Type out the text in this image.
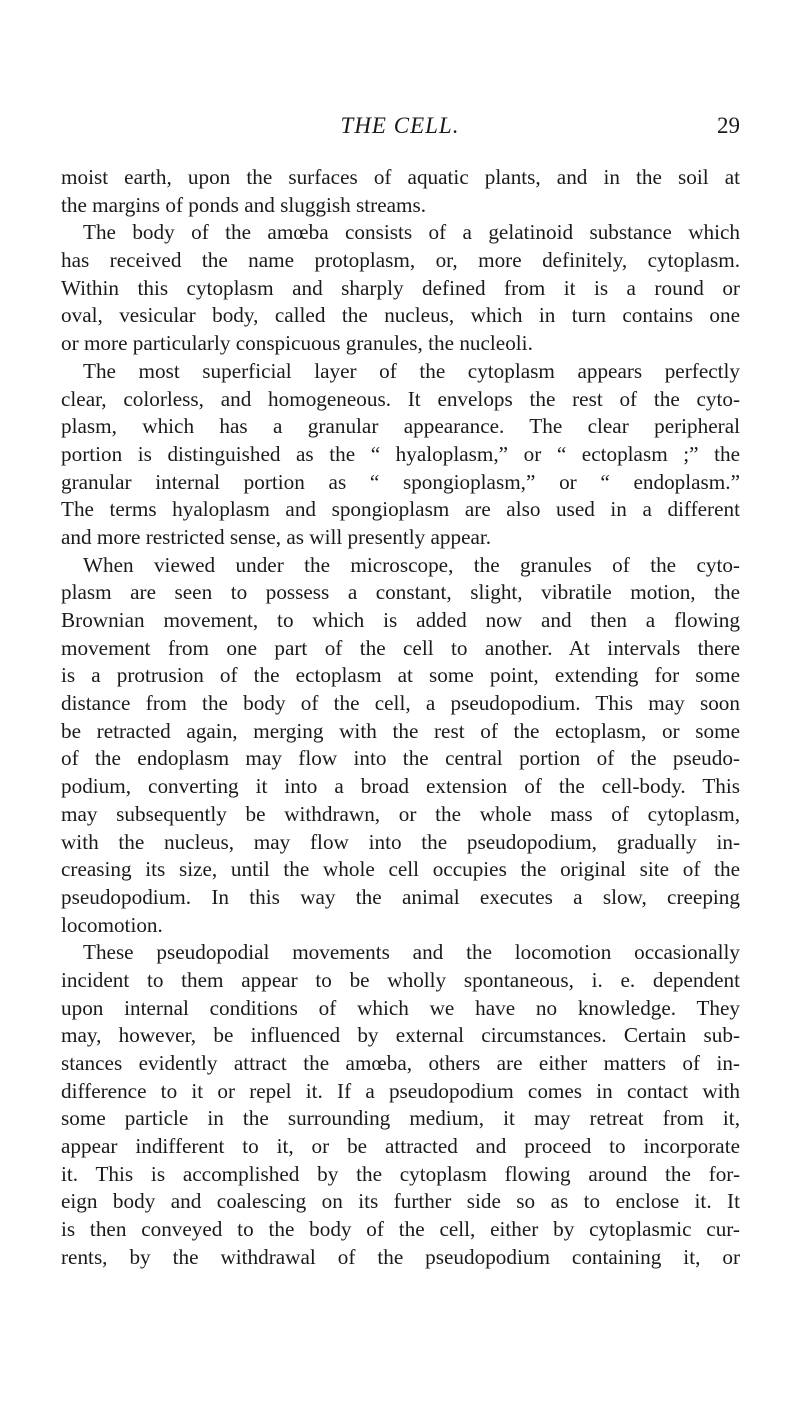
THE CELL.	29
moist earth, upon the surfaces of aquatic plants, and in the soil at
the margins of ponds and sluggish streams.
The body of the amœba consists of a gelatinoid substance which
has received the name protoplasm, or, more definitely, cytoplasm.
Within this cytoplasm and sharply defined from it is a round or
oval, vesicular body, called the nucleus, which in turn contains one
or more particularly conspicuous granules, the nucleoli.
The most superficial layer of the cytoplasm appears perfectly
clear, colorless, and homogeneous. It envelops the rest of the cyto-
plasm, which has a granular appearance. The clear peripheral
portion is distinguished as the “ hyaloplasm,” or “ ectoplasm ;” the
granular internal portion as “ spongioplasm,” or “ endoplasm.”
The terms hyaloplasm and spongioplasm are also used in a different
and more restricted sense, as will presently appear.
When viewed under the microscope, the granules of the cyto-
plasm are seen to possess a constant, slight, vibratile motion, the
Brownian movement, to which is added now and then a flowing
movement from one part of the cell to another. At intervals there
is a protrusion of the ectoplasm at some point, extending for some
distance from the body of the cell, a pseudopodium. This may soon
be retracted again, merging with the rest of the ectoplasm, or some
of the endoplasm may flow into the central portion of the pseudo-
podium, converting it into a broad extension of the cell-body. This
may subsequently be withdrawn, or the whole mass of cytoplasm,
with the nucleus, may flow into the pseudopodium, gradually in-
creasing its size, until the whole cell occupies the original site of the
pseudopodium. In this way the animal executes a slow, creeping
locomotion.
These pseudopodial movements and the locomotion occasionally
incident to them appear to be wholly spontaneous, i. e. dependent
upon internal conditions of which we have no knowledge. They
may, however, be influenced by external circumstances. Certain sub-
stances evidently attract the amœba, others are either matters of in-
difference to it or repel it. If a pseudopodium comes in contact with
some particle in the surrounding medium, it may retreat from it,
appear indifferent to it, or be attracted and proceed to incorporate
it. This is accomplished by the cytoplasm flowing around the for-
eign body and coalescing on its further side so as to enclose it. It
is then conveyed to the body of the cell, either by cytoplasmic cur-
rents, by the withdrawal of the pseudopodium containing it, or
